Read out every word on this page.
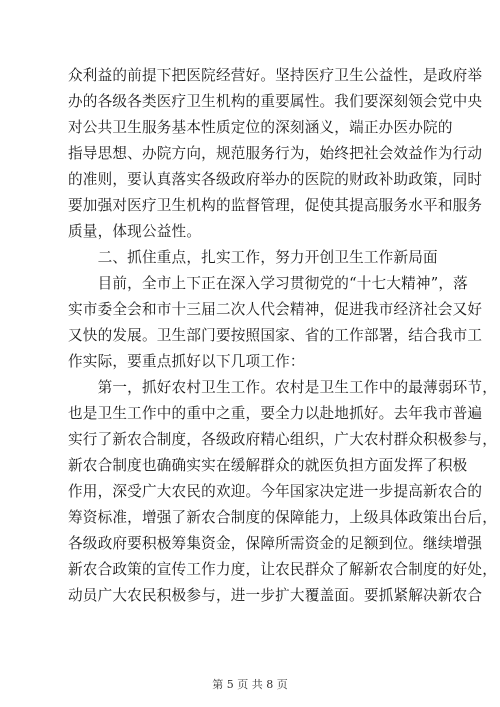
众利益的前提下把医院经营好。坚持医疗卫生公益性，是政府举
办的各级各类医疗卫生机构的重要属性。我们要深刻领会党中央
对公共卫生服务基本性质定位的深刻涵义，端正办医办院的
指导思想、办院方向，规范服务行为，始终把社会效益作为行动
的准则，要认真落实各级政府举办的医院的财政补助政策，同时
要加强对医疗卫生机构的监督管理，促使其提高服务水平和服务
质量，体现公益性。
　　二、抓住重点，扎实工作，努力开创卫生工作新局面
　　目前，全市上下正在深入学习贯彻党的“十七大精神”，落
实市委全会和市十三届二次人代会精神，促进我市经济社会又好
又快的发展。卫生部门要按照国家、省的工作部署，结合我市工
作实际，要重点抓好以下几项工作：
　　第一，抓好农村卫生工作。农村是卫生工作中的最薄弱环节，
也是卫生工作中的重中之重，要全力以赴地抓好。去年我市普遍
实行了新农合制度，各级政府精心组织，广大农村群众积极参与，
新农合制度也确确实实在缓解群众的就医负担方面发挥了积极
作用，深受广大农民的欢迎。今年国家决定进一步提高新农合的
筹资标准，增强了新农合制度的保障能力，上级具体政策出台后，
各级政府要积极筹集资金，保障所需资金的足额到位。继续增强
新农合政策的宣传工作力度，让农民群众了解新农合制度的好处，
动员广大农民积极参与，进一步扩大覆盖面。要抓紧解决新农合
第 5 页 共 8 页
